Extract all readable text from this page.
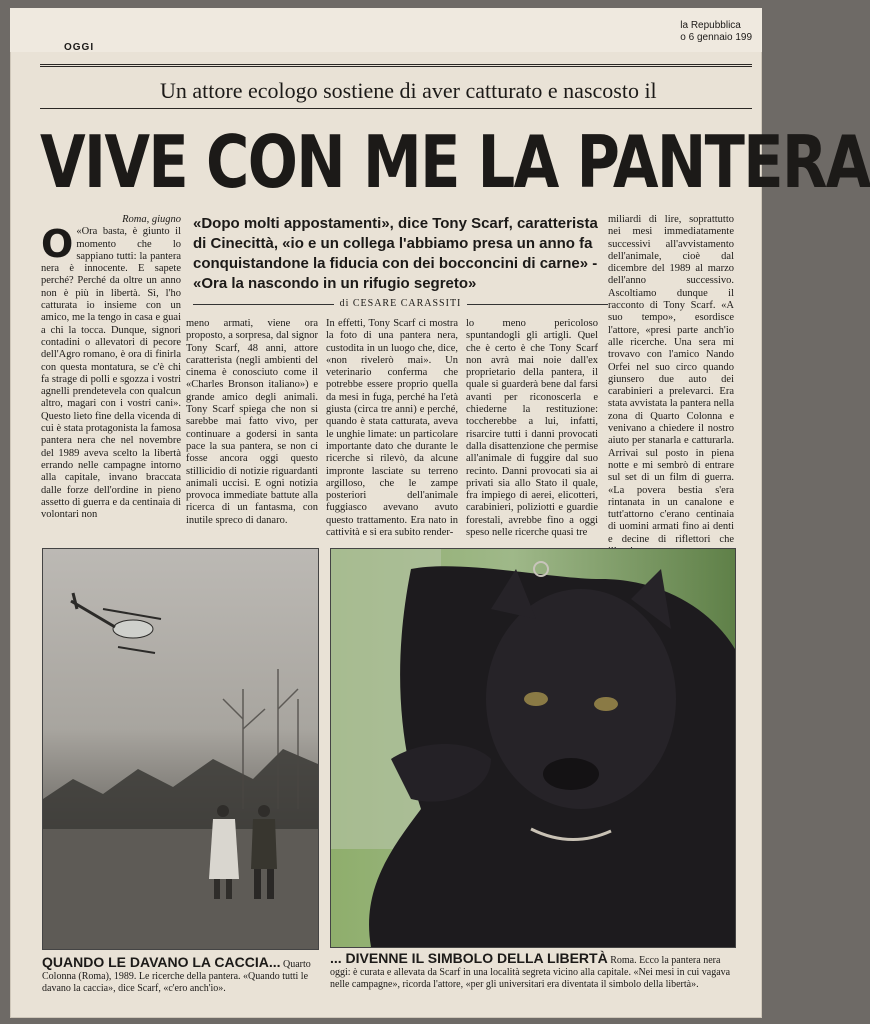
OGGI
la Repubblica
o 6 gennaio 199
Un attore ecologo sostiene di aver catturato e nascosto il
VIVE CON ME LA PANTERA
«Dopo molti appostamenti», dice Tony Scarf, caratterista di Cinecittà, «io e un collega l'abbiamo presa un anno fa conquistandone la fiducia con dei bocconcini di carne» - «Ora la nascondo in un rifugio segreto»
di CESARE CARASSITI
Roma, giugno
O «Ora basta, è giunto il momento che lo sappiano tutti: la pantera nera è innocente. E sapete perché? Perché da oltre un anno non è più in libertà. Sì, l'ho catturata io insieme con un amico, me la tengo in casa e guai a chi la tocca. Dunque, signori contadini o allevatori di pecore dell'Agro romano, è ora di finirla con questa montatura, se c'è chi fa strage di polli e sgozza i vostri agnelli prendetevela con qualcun altro, magari con i vostri cani». Questo lieto fine della vicenda di cui è stata protagonista la famosa pantera nera che nel novembre del 1989 aveva scelto la libertà errando nelle campagne intorno alla capitale, invano braccata dalle forze dell'ordine in pieno assetto di guerra e da centinaia di volontari non
meno armati, viene ora proposto, a sorpresa, dal signor Tony Scarf, 48 anni, attore caratterista (negli ambienti del cinema è conosciuto come il «Charles Bronson italiano») e grande amico degli animali. Tony Scarf spiega che non si sarebbe mai fatto vivo, per continuare a godersi in santa pace la sua pantera, se non ci fosse ancora oggi questo stillicidio di notizie riguardanti animali uccisi. E ogni notizia provoca immediate battute alla ricerca di un fantasma, con inutile spreco di danaro.
In effetti, Tony Scarf ci mostra la foto di una pantera nera, custodita in un luogo che, dice, «non rivelerò mai». Un veterinario conferma che potrebbe essere proprio quella da mesi in fuga, perché ha l'età giusta (circa tre anni) e perché, quando è stata catturata, aveva le unghie limate: un particolare importante dato che durante le ricerche si rilevò, da alcune impronte lasciate su terreno argilloso, che le zampe posteriori dell'animale fuggiasco avevano avuto questo trattamento. Era nato in cattività e si era subito render-
lo meno pericoloso spuntandogli gli artigli. Quel che è certo è che Tony Scarf non avrà mai noie dall'ex proprietario della pantera, il quale si guarderà bene dal farsi avanti per riconoscerla e chiederne la restituzione: toccherebbe a lui, infatti, risarcire tutti i danni provocati dalla disattenzione che permise all'animale di fuggire dal suo recinto. Danni provocati sia ai privati sia allo Stato il quale, fra impiego di aerei, elicotteri, carabinieri, poliziotti e guardie forestali, avrebbe fino a oggi speso nelle ricerche quasi tre
miliardi di lire, soprattutto nei mesi immediatamente successivi all'avvistamento dell'animale, cioè dal dicembre del 1989 al marzo dell'anno successivo. Ascoltiamo dunque il racconto di Tony Scarf. «A suo tempo», esordisce l'attore, «presi parte anch'io alle ricerche. Una sera mi trovavo con l'amico Nando Orfei nel suo circo quando giunsero due auto dei carabinieri a prelevarci. Era stata avvistata la pantera nella zona di Quarto Colonna e venivano a chiedere il nostro aiuto per stanarla e catturarla. Arrivai sul posto in piena notte e mi sembrò di entrare sul set di un film di guerra. «La povera bestia s'era rintanata in un canalone e tutt'attorno c'erano centinaia di uomini armati fino ai denti e decine di riflettori che
QUANDO LE DAVANO LA CACCIA... Quarto Colonna (Roma), 1989. Le ricerche della pantera. «Quando tutti le davano la caccia», dice Scarf, «c'ero anch'io».
... DIVENNE IL SIMBOLO DELLA LIBERTÀ Roma. Ecco la pantera nera oggi: è curata e allevata da Scarf in una località segreta vicino alla capitale. «Nei mesi in cui vagava nelle campagne», ricorda l'attore, «per gli universitari era diventata il simbolo della libertà».
